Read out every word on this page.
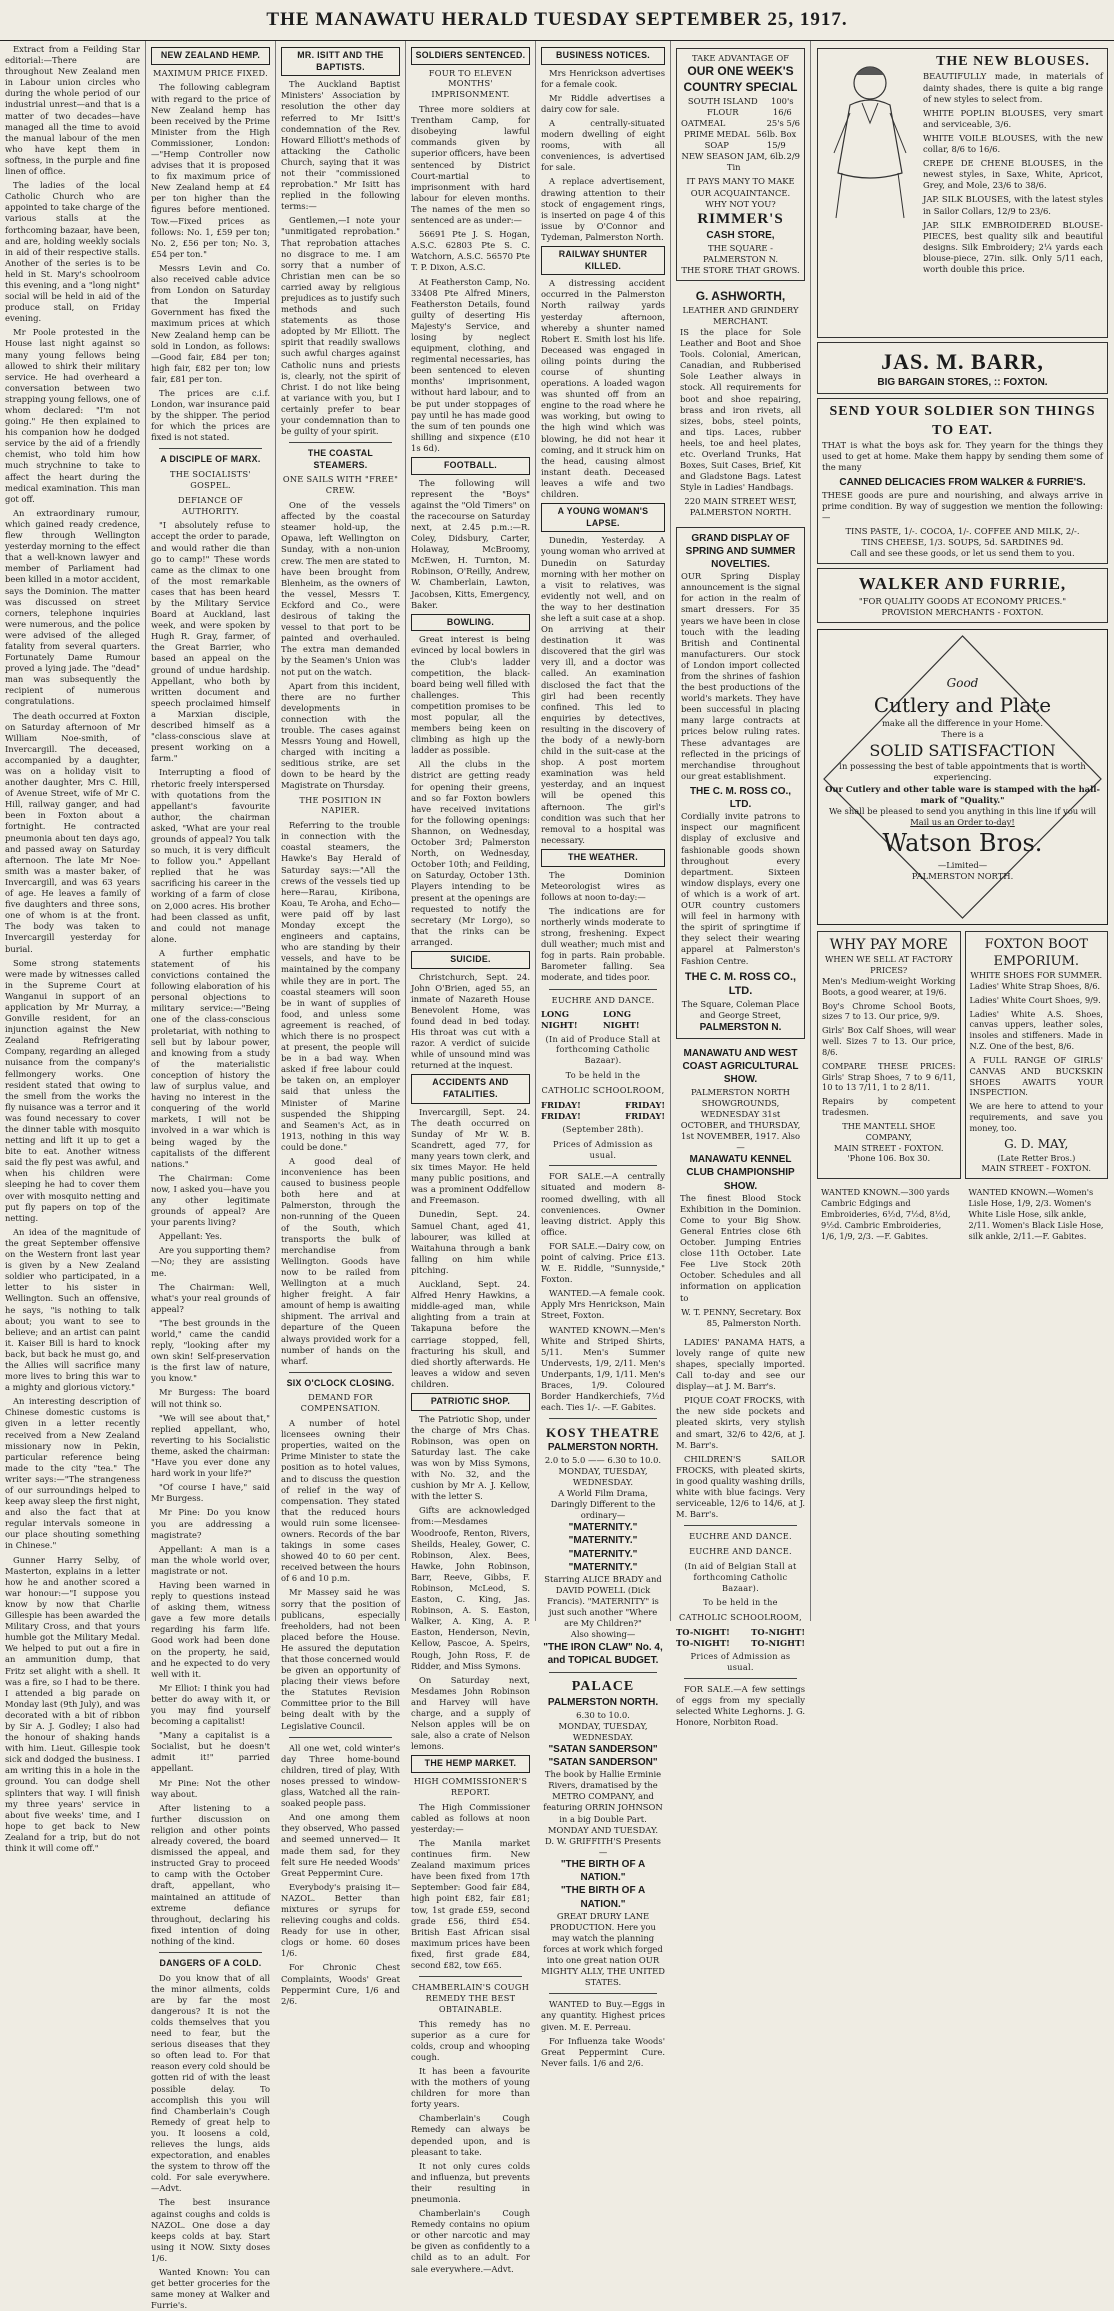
THE MANAWATU HERALD TUESDAY SEPTEMBER 25, 1917.

Extract from a Feilding Star editorial:—There are throughout New Zealand men in Labour union circles who during the whole period of our industrial unrest—and that is a matter of two decades—have managed all the time to avoid the manual labour of the men who have kept them in softness, in the purple and fine linen of office.

The ladies of the local Catholic Church who are appointed to take charge of the various stalls at the forthcoming bazaar, have been, and are, holding weekly socials in aid of their respective stalls. Another of the series is to be held in St. Mary's schoolroom this evening, and a "long night" social will be held in aid of the produce stall, on Friday evening.

Mr Poole protested in the House last night against so many young fellows being allowed to shirk their military service. He had overheard a conversation between two strapping young fellows, one of whom declared: "I'm not going." He then explained to his companion how he dodged service by the aid of a friendly chemist, who told him how much strychnine to take to affect the heart during the medical examination. This man got off.

An extraordinary rumour, which gained ready credence, flew through Wellington yesterday morning to the effect that a well-known lawyer and member of Parliament had been killed in a motor accident, says the Dominion. The matter was discussed on street corners, telephone inquiries were numerous, and the police were advised of the alleged fatality from several quarters. Fortunately Dame Rumour proved a lying jade. The "dead" man was subsequently the recipient of numerous congratulations.

The death occurred at Foxton on Saturday afternoon of Mr William Noe-smith, of Invercargill. The deceased, accompanied by a daughter, was on a holiday visit to another daughter, Mrs C. Hill, of Avenue Street, wife of Mr C. Hill, railway ganger, and had been in Foxton about a fortnight. He contracted pneumonia about ten days ago, and passed away on Saturday afternoon. The late Mr Noe-smith was a master baker, of Invercargill, and was 63 years of age. He leaves a family of five daughters and three sons, one of whom is at the front. The body was taken to Invercargill yesterday for burial.

Some strong statements were made by witnesses called in the Supreme Court at Wanganui in support of an application by Mr Murray, a Gonville resident, for an injunction against the New Zealand Refrigerating Company, regarding an alleged nuisance from the company's fellmongery works. One resident stated that owing to the smell from the works the fly nuisance was a terror and it was found necessary to cover the dinner table with mosquito netting and lift it up to get a bite to eat. Another witness said the fly pest was awful, and when his children were sleeping he had to cover them over with mosquito netting and put fly papers on top of the netting.

An idea of the magnitude of the great September offensive on the Western front last year is given by a New Zealand soldier who participated, in a letter to his sister in Wellington. Such an offensive, he says, "is nothing to talk about; you want to see to believe; and an artist can paint it. Kaiser Bill is hard to knock back, but back he must go, and the Allies will sacrifice many more lives to bring this war to a mighty and glorious victory."

An interesting description of Chinese domestic customs is given in a letter recently received from a New Zealand missionary now in Pekin, particular reference being made to the city "tea." The writer says:—"The strangeness of our surroundings helped to keep away sleep the first night, and also the fact that at regular intervals someone in our place shouting something in Chinese."

Gunner Harry Selby, of Masterton, explains in a letter how he and another scored a war honour:—"I suppose you know by now that Charlie Gillespie has been awarded the Military Cross, and that yours humble got the Military Medal. We helped to put out a fire in an ammunition dump, that Fritz set alight with a shell. It was a fire, so I had to be there. I attended a big parade on Monday last (9th July), and was decorated with a bit of ribbon by Sir A. J. Godley; I also had the honour of shaking hands with him. Lieut. Gillespie took sick and dodged the business. I am writing this in a hole in the ground. You can dodge shell splinters that way. I will finish my three years' service in about five weeks' time, and I hope to get back to New Zealand for a trip, but do not think it will come off."

NEW ZEALAND HEMP.
MAXIMUM PRICE FIXED.

The following cablegram with regard to the price of New Zealand hemp has been received by the Prime Minister from the High Commissioner, London:—"Hemp Controller now advises that it is proposed to fix maximum price of New Zealand hemp at £4 per ton higher than the figures before mentioned. Tow.—Fixed prices as follows: No. 1, £59 per ton; No. 2, £56 per ton; No. 3, £54 per ton."

Messrs Levin and Co. also received cable advice from London on Saturday that the Imperial Government has fixed the maximum prices at which New Zealand hemp can be sold in London, as follows:—Good fair, £84 per ton; high fair, £82 per ton; low fair, £81 per ton.

The prices are c.i.f. London, war insurance paid by the shipper. The period for which the prices are fixed is not stated.

A DISCIPLE OF MARX.
THE SOCIALISTS' GOSPEL.
DEFIANCE OF AUTHORITY.

"I absolutely refuse to accept the order to parade, and would rather die than go to camp!" These words came as the climax to one of the most remarkable cases that has been heard by the Military Service Board at Auckland, last week, and were spoken by Hugh R. Gray, farmer, of the Great Barrier, who based an appeal on the ground of undue hardship. Appellant, who both by written document and speech proclaimed himself a Marxian disciple, described himself as a "class-conscious slave at present working on a farm."

Interrupting a flood of rhetoric freely interspersed with quotations from the appellant's favourite author, the chairman asked, "What are your real grounds of appeal? You talk so much, it is very difficult to follow you." Appellant replied that he was sacrificing his career in the working of a farm of close on 2,000 acres. His brother had been classed as unfit, and could not manage alone.

A further emphatic statement of his convictions contained the following elaboration of his personal objections to military service:—"Being one of the class-conscious proletariat, with nothing to sell but by labour power, and knowing from a study of the materialistic conception of history the law of surplus value, and having no interest in the conquering of the world markets, I will not be involved in a war which is being waged by the capitalists of the different nations."

The Chairman: Come now, I asked you—have you any other legitimate grounds of appeal? Are your parents living?

Appellant: Yes.

Are you supporting them?—No; they are assisting me.

The Chairman: Well, what's your real grounds of appeal?

"The best grounds in the world," came the candid reply, "looking after my own skin! Self-preservation is the first law of nature, you know."

Mr Burgess: The board will not think so.

"We will see about that," replied appellant, who, reverting to his Socialistic theme, asked the chairman: "Have you ever done any hard work in your life?"

"Of course I have," said Mr Burgess.

Mr Pine: Do you know you are addressing a magistrate?

Appellant: A man is a man the whole world over, magistrate or not.

Having been warned in reply to questions instead of asking them, witness gave a few more details regarding his farm life. Good work had been done on the property, he said, and he expected to do very well with it.

Mr Elliot: I think you had better do away with it, or you may find yourself becoming a capitalist!

"Many a capitalist is a Socialist, but he doesn't admit it!" parried appellant.

Mr Pine: Not the other way about.

After listening to a further discussion on religion and other points already covered, the board dismissed the appeal, and instructed Gray to proceed to camp with the October draft, appellant, who maintained an attitude of extreme defiance throughout, declaring his fixed intention of doing nothing of the kind.

DANGERS OF A COLD.

Do you know that of all the minor ailments, colds are by far the most dangerous? It is not the colds themselves that you need to fear, but the serious diseases that they so often lead to. For that reason every cold should be gotten rid of with the least possible delay. To accomplish this you will find Chamberlain's Cough Remedy of great help to you. It loosens a cold, relieves the lungs, aids expectoration, and enables the system to throw off the cold. For sale everywhere.—Advt.

The best insurance against coughs and colds is NAZOL. One dose a day keeps colds at bay. Start using it NOW. Sixty doses 1/6.

Wanted Known: You can get better groceries for the same money at Walker and Furrie's.

MR. ISITT AND THE BAPTISTS.

The Auckland Baptist Ministers' Association by resolution the other day referred to Mr Isitt's condemnation of the Rev. Howard Elliott's methods of attacking the Catholic Church, saying that it was not their "commissioned reprobation." Mr Isitt has replied in the following terms:—

Gentlemen,—I note your "unmitigated reprobation." That reprobation attaches no disgrace to me. I am sorry that a number of Christian men can be so carried away by religious prejudices as to justify such methods and such statements as those adopted by Mr Elliott. The spirit that readily swallows such awful charges against Catholic nuns and priests is, clearly, not the spirit of Christ. I do not like being at variance with you, but I certainly prefer to bear your condemnation than to be guilty of your spirit.

THE COASTAL STEAMERS.
ONE SAILS WITH "FREE" CREW.

One of the vessels affected by the coastal steamer hold-up, the Opawa, left Wellington on Sunday, with a non-union crew. The men are stated to have been brought from Blenheim, as the owners of the vessel, Messrs T. Eckford and Co., were desirous of taking the vessel to that port to be painted and overhauled. The extra man demanded by the Seamen's Union was not put on the watch.

Apart from this incident, there are no further developments in connection with the trouble. The cases against Messrs Young and Howell, charged with inciting a seditious strike, are set down to be heard by the Magistrate on Thursday.

THE POSITION IN NAPIER.

Referring to the trouble in connection with the coastal steamers, the Hawke's Bay Herald of Saturday says:—"All the crews of the vessels tied up here—Rarau, Kiribona, Koau, Te Aroha, and Echo—were paid off by last Monday except the engineers and captains, who are standing by their vessels, and have to be maintained by the company while they are in port. The coastal steamers will soon be in want of supplies of food, and unless some agreement is reached, of which there is no prospect at present, the people will be in a bad way. When asked if free labour could be taken on, an employer said that unless the Minister of Marine suspended the Shipping and Seamen's Act, as in 1913, nothing in this way could be done."

A good deal of inconvenience has been caused to business people both here and at Palmerston, through the non-running of the Queen of the South, which transports the bulk of merchandise from Wellington. Goods have now to be railed from Wellington at a much higher freight. A fair amount of hemp is awaiting shipment. The arrival and departure of the Queen always provided work for a number of hands on the wharf.

SIX O'CLOCK CLOSING.
DEMAND FOR COMPENSATION.

A number of hotel licensees owning their properties, waited on the Prime Minister to state the position as to hotel values, and to discuss the question of relief in the way of compensation. They stated that the reduced hours would ruin some licensee-owners. Records of the bar takings in some cases showed 40 to 60 per cent. received between the hours of 6 and 10 p.m.

Mr Massey said he was sorry that the position of publicans, especially freeholders, had not been placed before the House. He assured the deputation that those concerned would be given an opportunity of placing their views before the Statutes Revision Committee prior to the Bill being dealt with by the Legislative Council.

All one wet, cold winter's day Three home-bound children, tired of play, With noses pressed to window-glass, Watched all the rain-soaked people pass.

And one among them they observed, Who passed and seemed unnerved— It made them sad, for they felt sure He needed Woods' Great Peppermint Cure.

Everybody's praising it—NAZOL. Better than mixtures or syrups for relieving coughs and colds. Ready for use in other, clogs or home. 60 doses 1/6.

For Chronic Chest Complaints, Woods' Great Peppermint Cure, 1/6 and 2/6.

SOLDIERS SENTENCED.
FOUR TO ELEVEN MONTHS' IMPRISONMENT.

Three more soldiers at Trentham Camp, for disobeying lawful commands given by superior officers, have been sentenced by District Court-martial to imprisonment with hard labour for eleven months. The names of the men so sentenced are as under:—

56691 Pte J. S. Hogan, A.S.C. 62803 Pte S. C. Watchorn, A.S.C. 56570 Pte T. P. Dixon, A.S.C.

At Featherston Camp, No. 33408 Pte Alfred Miners, Featherston Details, found guilty of deserting His Majesty's Service, and losing by neglect equipment, clothing, and regimental necessaries, has been sentenced to eleven months' imprisonment, without hard labour, and to be put under stoppages of pay until he has made good the sum of ten pounds one shilling and sixpence (£10 1s 6d).

FOOTBALL.

The following will represent the "Boys" against the "Old Timers" on the racecourse on Saturday next, at 2.45 p.m.:—R. Coley, Didsbury, Carter, Holaway, McBroomy, McEwen, H. Turnton, M. Robinson, O'Reilly, Andrew, W. Chamberlain, Lawton, Jacobsen, Kitts, Emergency, Baker.

BOWLING.

Great interest is being evinced by local bowlers in the Club's ladder competition, the black-board being well filled with challenges. This competition promises to be most popular, all the members being keen on climbing as high up the ladder as possible.

All the clubs in the district are getting ready for opening their greens, and so far Foxton bowlers have received invitations for the following openings: Shannon, on Wednesday, October 3rd; Palmerston North, on Wednesday, October 10th; and Feilding, on Saturday, October 13th. Players intending to be present at the openings are requested to notify the secretary (Mr Lorgo), so that the rinks can be arranged.

SUICIDE.

Christchurch, Sept. 24. John O'Brien, aged 55, an inmate of Nazareth House Benevolent Home, was found dead in bed today. His throat was cut with a razor. A verdict of suicide while of unsound mind was returned at the inquest.

ACCIDENTS AND FATALITIES.

Invercargill, Sept. 24. The death occurred on Sunday of Mr W. B. Scandrett, aged 77, for many years town clerk, and six times Mayor. He held many public positions, and was a prominent Oddfellow and Freemason.

Dunedin, Sept. 24. Samuel Chant, aged 41, labourer, was killed at Waitahuna through a bank falling on him while pitching.

Auckland, Sept. 24. Alfred Henry Hawkins, a middle-aged man, while alighting from a train at Takapuna before the carriage stopped, fell, fracturing his skull, and died shortly afterwards. He leaves a widow and seven children.

PATRIOTIC SHOP.

The Patriotic Shop, under the charge of Mrs Chas. Robinson, was open on Saturday last. The cake was won by Miss Symons, with No. 32, and the cushion by Mr A. J. Kellow, with the letter S.

Gifts are acknowledged from:—Mesdames Woodroofe, Renton, Rivers, Sheilds, Healey, Gower, C. Robinson, Alex. Bees, Hawke, John Robinson, Barr, Reeve, Gibbs, F. Robinson, McLeod, S. Easton, C. King, Jas. Robinson, A. S. Easton, Walker, A. King, A. P. Easton, Henderson, Nevin, Kellow, Pascoe, A. Speirs, Rough, John Ross, F. de Ridder, and Miss Symons.

On Saturday next, Mesdames John Robinson and Harvey will have charge, and a supply of Nelson apples will be on sale, also a crate of Nelson lemons.

THE HEMP MARKET.
HIGH COMMISSIONER'S REPORT.

The High Commissioner cabled as follows at noon yesterday:—

The Manila market continues firm. New Zealand maximum prices have been fixed from 17th September: Good fair £84, high point £82, fair £81; tow, 1st grade £59, second grade £56, third £54. British East African sisal maximum prices have been fixed, first grade £84, second £82, tow £65.

CHAMBERLAIN'S COUGH REMEDY THE BEST OBTAINABLE.

This remedy has no superior as a cure for colds, croup and whooping cough.

It has been a favourite with the mothers of young children for more than forty years.

Chamberlain's Cough Remedy can always be depended upon, and is pleasant to take.

It not only cures colds and influenza, but prevents their resulting in pneumonia.

Chamberlain's Cough Remedy contains no opium or other narcotic and may be given as confidently to a child as to an adult. For sale everywhere.—Advt.

BUSINESS NOTICES.

Mrs Henrickson advertises for a female cook.

Mr Riddle advertises a dairy cow for sale.

A centrally-situated modern dwelling of eight rooms, with all conveniences, is advertised for sale.

A replace advertisement, drawing attention to their stock of engagement rings, is inserted on page 4 of this issue by O'Connor and Tydeman, Palmerston North.

RAILWAY SHUNTER KILLED.

A distressing accident occurred in the Palmerston North railway yards yesterday afternoon, whereby a shunter named Robert E. Smith lost his life. Deceased was engaged in oiling points during the course of shunting operations. A loaded wagon was shunted off from an engine to the road where he was working, but owing to the high wind which was blowing, he did not hear it coming, and it struck him on the head, causing almost instant death. Deceased leaves a wife and two children.

A YOUNG WOMAN'S LAPSE.

Dunedin, Yesterday. A young woman who arrived at Dunedin on Saturday morning with her mother on a visit to relatives, was evidently not well, and on the way to her destination she left a suit case at a shop. On arriving at their destination it was discovered that the girl was very ill, and a doctor was called. An examination disclosed the fact that the girl had been recently confined. This led to enquiries by detectives, resulting in the discovery of the body of a newly-born child in the suit-case at the shop. A post mortem examination was held yesterday, and an inquest will be opened this afternoon. The girl's condition was such that her removal to a hospital was necessary.

THE WEATHER.

The Dominion Meteorologist wires as follows at noon to-day:—

The indications are for northerly winds moderate to strong, freshening. Expect dull weather; much mist and fog in parts. Rain probable. Barometer falling. Sea moderate, and tides poor.

EUCHRE AND DANCE.
LONG NIGHT!
LONG NIGHT!
(In aid of Produce Stall at forthcoming Catholic Bazaar).
To be held in the
CATHOLIC SCHOOLROOM,
FRIDAY!	FRIDAY!
FRIDAY!	FRIDAY!
(September 28th).
Prices of Admission as usual.

FOR SALE.—A centrally situated and modern 8-roomed dwelling, with all conveniences. Owner leaving district. Apply this office.

FOR SALE.—Dairy cow, on point of calving. Price £13. W. E. Riddle, "Sunnyside," Foxton.

WANTED.—A female cook. Apply Mrs Henrickson, Main Street, Foxton.

WANTED KNOWN.—Men's White and Striped Shirts, 5/11. Men's Summer Undervests, 1/9, 2/11. Men's Underpants, 1/9, 1/11. Men's Braces, 1/9. Coloured Border Handkerchiefs, 7½d each. Ties 1/-. —F. Gabites.

KOSY THEATRE
PALMERSTON NORTH.
2.0 to 5.0 —— 6.30 to 10.0.
MONDAY, TUESDAY, WEDNESDAY.
A World Film Drama, Daringly Different to the ordinary—
"MATERNITY." "MATERNITY."
"MATERNITY." "MATERNITY."
Starring ALICE BRADY and DAVID POWELL (Dick Francis). "MATERNITY" is just such another "Where are My Children?"
Also showing—
"THE IRON CLAW" No. 4, and TOPICAL BUDGET.
PALACE
PALMERSTON NORTH.
6.30 to 10.0.
MONDAY, TUESDAY, WEDNESDAY.
"SATAN SANDERSON"
"SATAN SANDERSON"
The book by Hallie Erminie Rivers, dramatised by the METRO COMPANY, and featuring ORRIN JOHNSON in a big Double Part.
MONDAY AND TUESDAY.
D. W. GRIFFITH'S Presents—
"THE BIRTH OF A NATION."
"THE BIRTH OF A NATION."
GREAT DRURY LANE PRODUCTION. Here you may watch the planning forces at work which forged into one great nation OUR MIGHTY ALLY, THE UNITED STATES.

WANTED to Buy.—Eggs in any quantity. Highest prices given. M. E. Perreau.

For Influenza take Woods' Great Peppermint Cure. Never fails. 1/6 and 2/6.

TAKE ADVANTAGE OF
OUR ONE WEEK'S COUNTRY SPECIAL
SOUTH ISLAND FLOUR
100's 16/6
OATMEAL	25's 5/6
PRIME MEDAL SOAP
56lb. Box 15/9
NEW SEASON JAM, 6lb. Tin
2/9
IT PAYS MANY TO MAKE OUR ACQUAINTANCE. WHY NOT YOU?
RIMMER'S
CASH STORE,
THE SQUARE - PALMERSTON N.
THE STORE THAT GROWS.
G. ASHWORTH,
LEATHER AND GRINDERY MERCHANT.

IS the place for Sole Leather and Boot and Shoe Tools. Colonial, American, Canadian, and Rubberised Sole Leather always in stock. All requirements for boot and shoe repairing, brass and iron rivets, all sizes, bobs, steel points, and tips. Laces, rubber heels, toe and heel plates, etc. Overland Trunks, Hat Boxes, Suit Cases, Brief, Kit and Gladstone Bags. Latest Style in Ladies' Handbags.

220 MAIN STREET WEST, PALMERSTON NORTH.
GRAND DISPLAY OF SPRING AND SUMMER NOVELTIES.

OUR Spring Display announcement is the signal for action in the realm of smart dressers. For 35 years we have been in close touch with the leading British and Continental manufacturers. Our stock of London import collected from the shrines of fashion the best productions of the world's markets. They have been successful in placing many large contracts at prices below ruling rates. These advantages are reflected in the pricings of merchandise throughout our great establishment.

THE C. M. ROSS CO., LTD.

Cordially invite patrons to inspect our magnificent display of exclusive and fashionable goods shown throughout every department. Sixteen window displays, every one of which is a work of art. OUR country customers will feel in harmony with the spirit of springtime if they select their wearing apparel at Palmerston's Fashion Centre.

THE C. M. ROSS CO., LTD.
The Square, Coleman Place and George Street,
PALMERSTON N.
MANAWATU AND WEST COAST AGRICULTURAL SHOW.
PALMERSTON NORTH SHOWGROUNDS,
WEDNESDAY 31st OCTOBER, and THURSDAY, 1st NOVEMBER, 1917. Also—
MANAWATU KENNEL CLUB CHAMPIONSHIP SHOW.

The finest Blood Stock Exhibition in the Dominion. Come to your Big Show. General Entries close 6th October. Jumping Entries close 11th October. Late Fee Live Stock 20th October. Schedules and all information on application to

W. T. PENNY, Secretary. Box 85, Palmerston North.

LADIES' PANAMA HATS, a lovely range of quite new shapes, specially imported. Call to-day and see our display—at J. M. Barr's.

PIQUE COAT FROCKS, with the new side pockets and pleated skirts, very stylish and smart, 32/6 to 42/6, at J. M. Barr's.

CHILDREN'S SAILOR FROCKS, with pleated skirts, in good quality washing drills, white with blue facings. Very serviceable, 12/6 to 14/6, at J. M. Barr's.

EUCHRE AND DANCE.
EUCHRE AND DANCE.
(In aid of Belgian Stall at forthcoming Catholic Bazaar).
To be held in the
CATHOLIC SCHOOLROOM,
TO-NIGHT!	TO-NIGHT!
TO-NIGHT!	TO-NIGHT!
Prices of Admission as usual.

FOR SALE.—A few settings of eggs from my specially selected White Leghorns. J. G. Honore, Norbiton Road.

THE NEW BLOUSES.

BEAUTIFULLY made, in materials of dainty shades, there is quite a big range of new styles to select from.

WHITE POPLIN BLOUSES, very smart and serviceable, 3/6.

WHITE VOILE BLOUSES, with the new collar, 8/6 to 16/6.

CREPE DE CHENE BLOUSES, in the newest styles, in Saxe, White, Apricot, Grey, and Mole, 23/6 to 38/6.

JAP. SILK BLOUSES, with the latest styles in Sailor Collars, 12/9 to 23/6.

JAP. SILK EMBROIDERED BLOUSE-PIECES, best quality silk and beautiful designs. Silk Embroidery; 2¼ yards each blouse-piece, 27in. silk. Only 5/11 each, worth double this price.

JAS. M. BARR,
BIG BARGAIN STORES, :: FOXTON.
SEND YOUR SOLDIER SON THINGS TO EAT.

THAT is what the boys ask for. They yearn for the things they used to get at home. Make them happy by sending them some of the many

CANNED DELICACIES FROM WALKER & FURRIE'S.

THESE goods are pure and nourishing, and always arrive in prime condition. By way of suggestion we mention the following:—

TINS PASTE, 1/-. COCOA, 1/-. COFFEE AND MILK, 2/-.
TINS CHEESE, 1/3. SOUPS, 5d. SARDINES 9d.
Call and see these goods, or let us send them to you.
WALKER AND FURRIE,
"FOR QUALITY GOODS AT ECONOMY PRICES."
PROVISION MERCHANTS - FOXTON.
Good
Cutlery and Plate
make all the difference in your Home.
There is a
SOLID SATISFACTION
in possessing the best of table appointments that is worth experiencing.
Our Cutlery and other table ware is stamped with the hall-mark of "Quality."
We shall be pleased to send you anything in this line if you will
Mail us an Order to-day!
Watson Bros.
—Limited—
PALMERSTON NORTH.
WHY PAY MORE
WHEN WE SELL AT FACTORY PRICES?

Men's Medium-weight Working Boots, a good wearer, at 19/6.

Boy's Chrome School Boots, sizes 7 to 13. Our price, 9/9.

Girls' Box Calf Shoes, will wear well. Sizes 7 to 13. Our price, 8/6.

COMPARE THESE PRICES: Girls' Strap Shoes, 7 to 9 6/11, 10 to 13 7/11, 1 to 2 8/11.

Repairs by competent tradesmen.

THE MANTELL SHOE COMPANY,
MAIN STREET - FOXTON.
'Phone 106. Box 30.
FOXTON BOOT EMPORIUM.
WHITE SHOES FOR SUMMER.

Ladies' White Strap Shoes, 8/6.

Ladies' White Court Shoes, 9/9.

Ladies' White A.S. Shoes, canvas uppers, leather soles, insoles and stiffeners. Made in N.Z. One of the best, 8/6.

A FULL RANGE OF GIRLS' CANVAS AND BUCKSKIN SHOES AWAITS YOUR INSPECTION.

We are here to attend to your requirements, and save you money, too.

G. D. MAY,
(Late Retter Bros.)
MAIN STREET - FOXTON.
WANTED KNOWN.—300 yards Cambric Edgings and Embroideries, 6½d, 7½d, 8½d, 9½d. Cambric Embroideries, 1/6, 1/9, 2/3. —F. Gabites.
WANTED KNOWN.—Women's Lisle Hose, 1/9, 2/3. Women's White Lisle Hose, silk ankle, 2/11. Women's Black Lisle Hose, silk ankle, 2/11.—F. Gabites.
